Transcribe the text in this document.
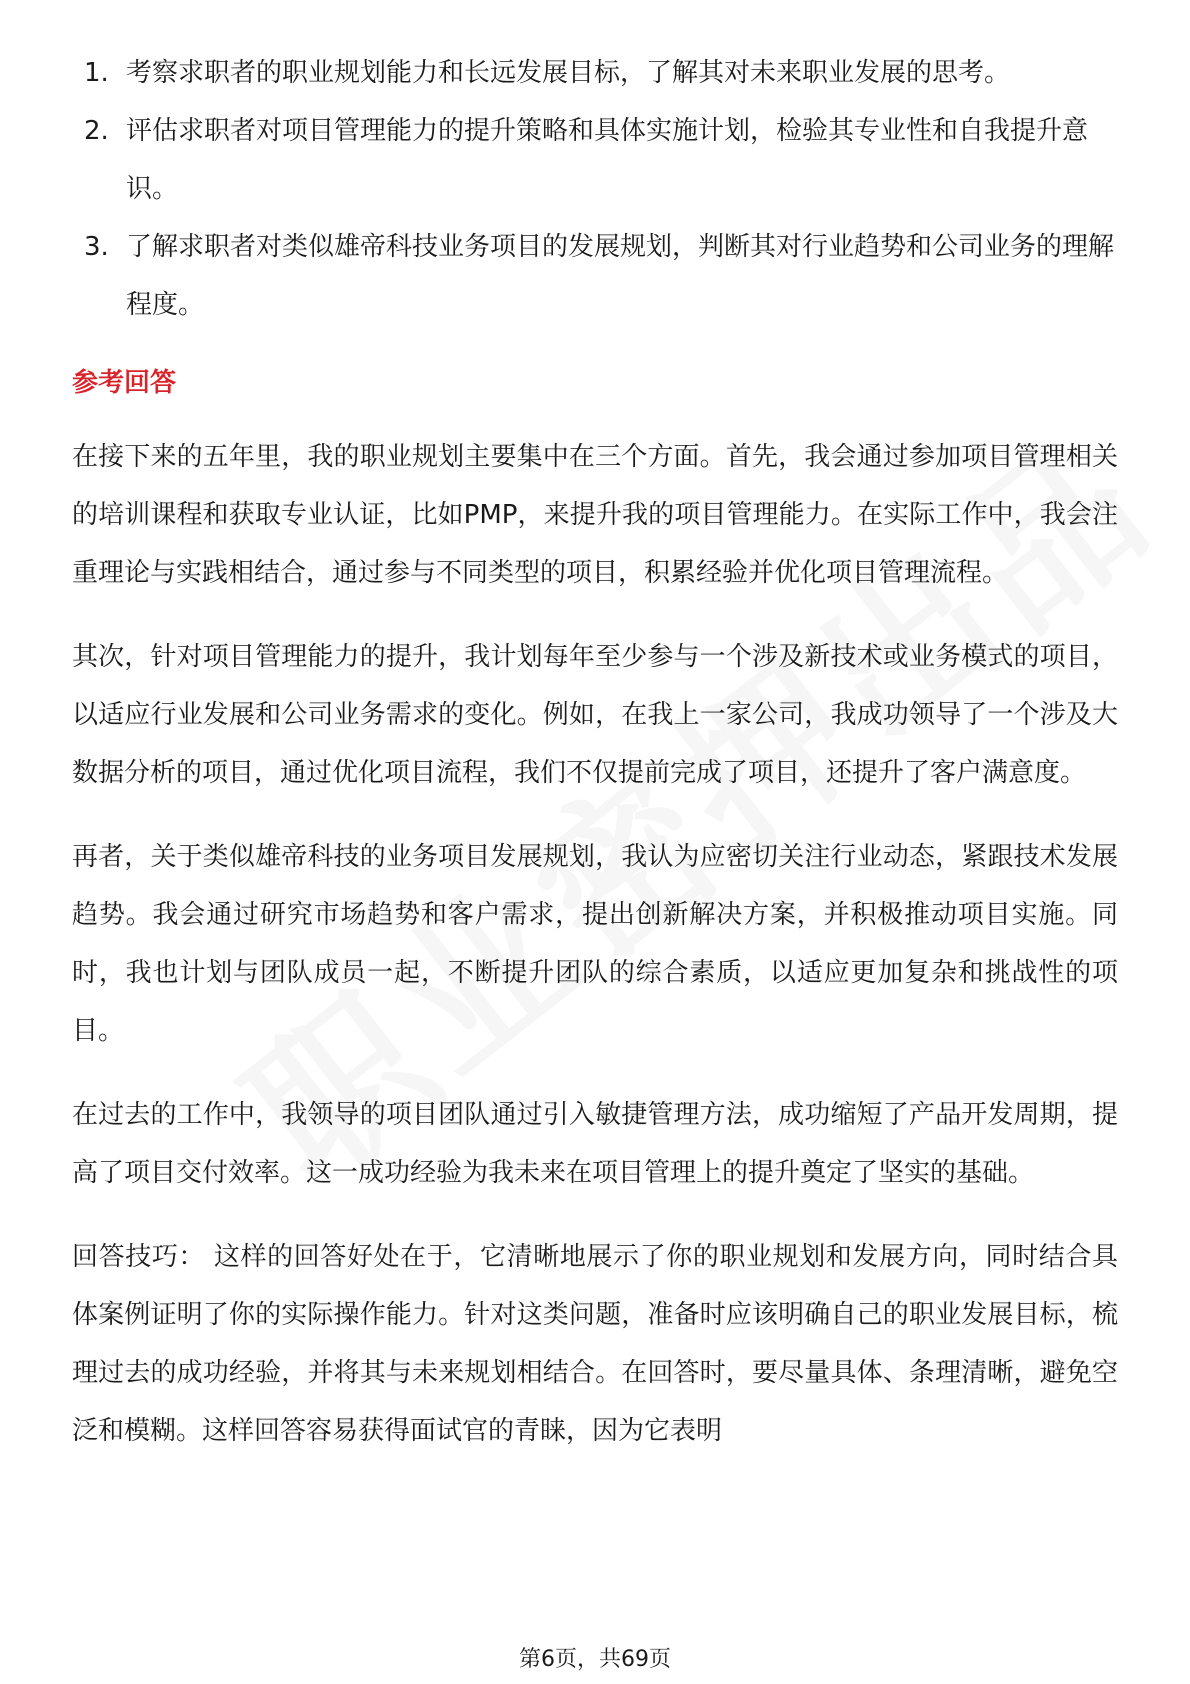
1. 考察求职者的职业规划能力和长远发展目标，了解其对未来职业发展的思考。
2. 评估求职者对项目管理能力的提升策略和具体实施计划，检验其专业性和自我提升意识。
3. 了解求职者对类似雄帝科技业务项目的发展规划，判断其对行业趋势和公司业务的理解程度。
参考回答

在接下来的五年里，我的职业规划主要集中在三个方面。首先，我会通过参加项目管理相关的培训课程和获取专业认证，比如PMP，来提升我的项目管理能力。在实际工作中，我会注重理论与实践相结合，通过参与不同类型的项目，积累经验并优化项目管理流程。

其次，针对项目管理能力的提升，我计划每年至少参与一个涉及新技术或业务模式的项目，以适应行业发展和公司业务需求的变化。例如，在我上一家公司，我成功领导了一个涉及大数据分析的项目，通过优化项目流程，我们不仅提前完成了项目，还提升了客户满意度。

再者，关于类似雄帝科技的业务项目发展规划，我认为应密切关注行业动态，紧跟技术发展趋势。我会通过研究市场趋势和客户需求，提出创新解决方案，并积极推动项目实施。同时，我也计划与团队成员一起，不断提升团队的综合素质，以适应更加复杂和挑战性的项目。

在过去的工作中，我领导的项目团队通过引入敏捷管理方法，成功缩短了产品开发周期，提高了项目交付效率。这一成功经验为我未来在项目管理上的提升奠定了坚实的基础。

回答技巧： 这样的回答好处在于，它清晰地展示了你的职业规划和发展方向，同时结合具体案例证明了你的实际操作能力。针对这类问题，准备时应该明确自己的职业发展目标，梳理过去的成功经验，并将其与未来规划相结合。在回答时，要尽量具体、条理清晰，避免空泛和模糊。这样回答容易获得面试官的青睐，因为它表明

第6页，共69页
